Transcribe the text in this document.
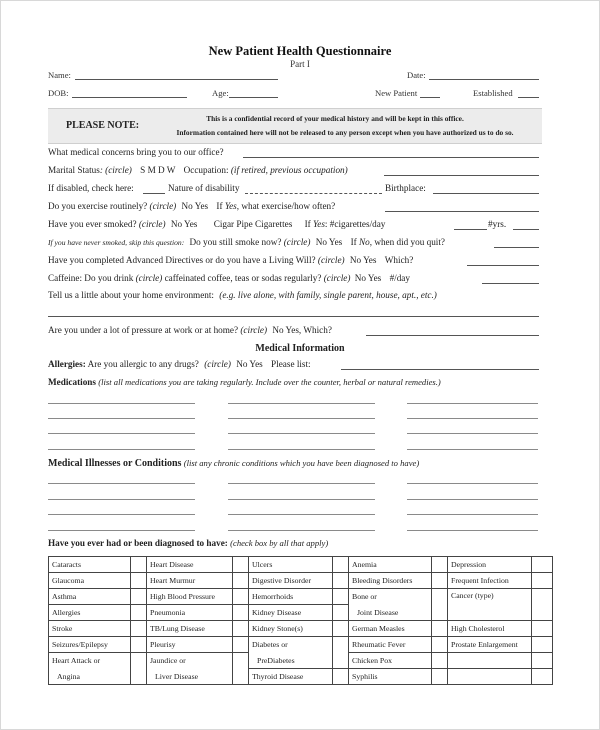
New Patient Health Questionnaire
Part I
Name:	Date:
DOB:	Age:	New Patient	Established
PLEASE NOTE:
This is a confidential record of your medical history and will be kept in this office.
Information contained here will not be released to any person except when you have authorized us to do so.
What medical concerns bring you to our office?
Marital Status: (circle) S M D W Occupation: (if retired, previous occupation)
If disabled, check here:	Nature of disability	Birthplace:
Do you exercise routinely? (circle) No Yes If Yes, what exercise/how often?
Have you ever smoked? (circle) No Yes Cigar Pipe Cigarettes If Yes: #cigarettes/day	#yrs.
If you have never smoked, skip this question: Do you still smoke now? (circle) No Yes If No, when did you quit?
Have you completed Advanced Directives or do you have a Living Will? (circle) No Yes Which?
Caffeine: Do you drink (circle) caffeinated coffee, teas or sodas regularly? (circle) No Yes #/day
Tell us a little about your home environment: (e.g. live alone, with family, single parent, house, apt., etc.)
Are you under a lot of pressure at work or at home? (circle) No Yes, Which?
Medical Information
Allergies: Are you allergic to any drugs? (circle) No Yes Please list:
Medications (list all medications you are taking regularly. Include over the counter, herbal or natural remedies.)
Medical Illnesses or Conditions (list any chronic conditions which you have been diagnosed to have)
Have you ever had or been diagnosed to have: (check box by all that apply)
Cataracts		Heart Disease		Ulcers		Anemia		Depression	
Glaucoma		Heart Murmur		Digestive Disorder		Bleeding Disorders		Frequent Infection	
Asthma		High Blood Pressure		Hemorrhoids		Bone or		Cancer (type)	
Allergies		Pneumonia		Kidney Disease		Joint Disease			
Stroke		TB/Lung Disease		Kidney Stone(s)		German Measles		High Cholesterol	
Seizures/Epilepsy		Pleurisy		Diabetes or		Rheumatic Fever		Prostate Enlargement	
Heart Attack or		Jaundice or		PreDiabetes		Chicken Pox			
Angina		Liver Disease		Thyroid Disease		Syphilis			
